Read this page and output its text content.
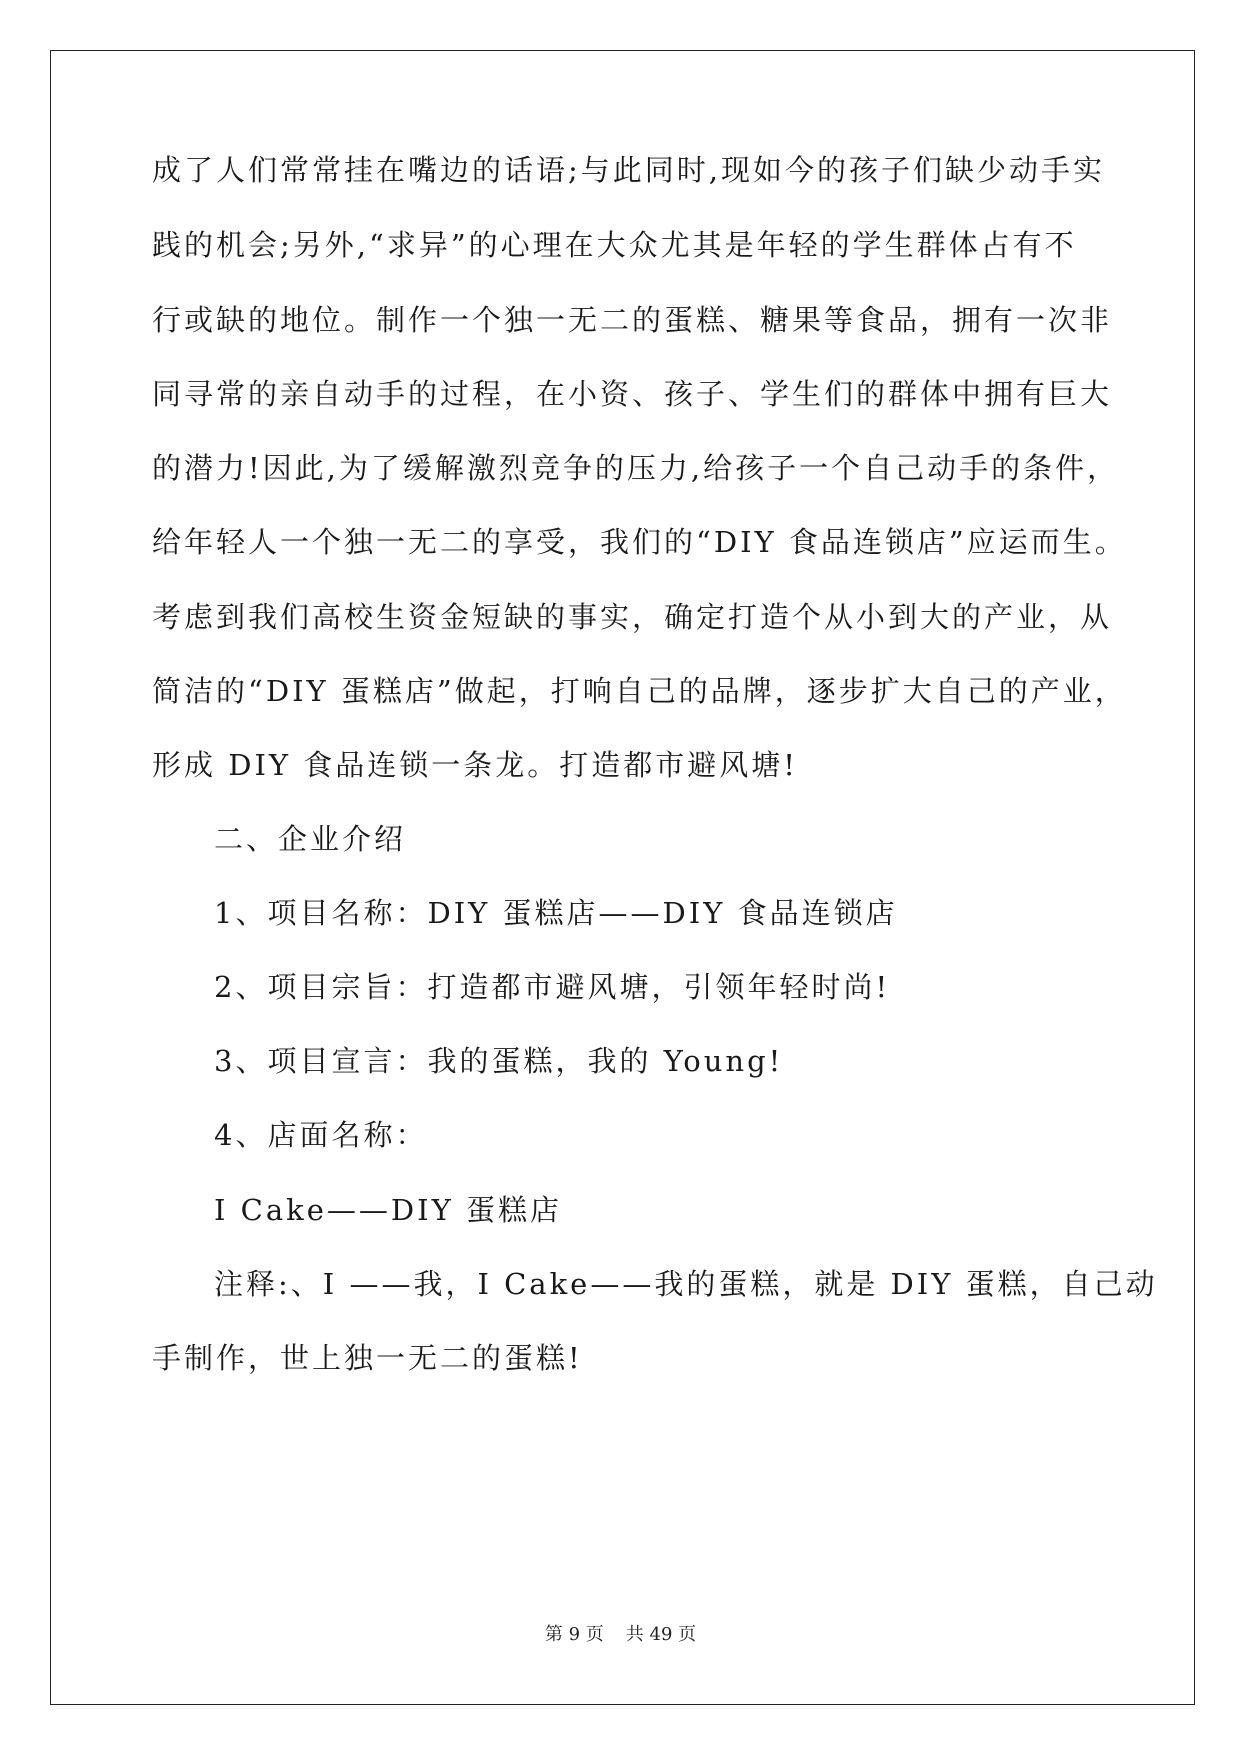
成了人们常常挂在嘴边的话语;与此同时,现如今的孩子们缺少动手实
践的机会;另外,“求异”的心理在大众尤其是年轻的学生群体占有不
行或缺的地位。制作一个独一无二的蛋糕、糖果等食品，拥有一次非
同寻常的亲自动手的过程，在小资、孩子、学生们的群体中拥有巨大
的潜力!因此,为了缓解激烈竞争的压力,给孩子一个自己动手的条件，
给年轻人一个独一无二的享受，我们的“DIY 食品连锁店”应运而生。
考虑到我们高校生资金短缺的事实，确定打造个从小到大的产业，从
简洁的“DIY 蛋糕店”做起，打响自己的品牌，逐步扩大自己的产业，
形成 DIY 食品连锁一条龙。打造都市避风塘!
二、企业介绍
1、项目名称：DIY 蛋糕店——DIY 食品连锁店
2、项目宗旨：打造都市避风塘，引领年轻时尚!
3、项目宣言：我的蛋糕，我的 Young!
4、店面名称：
I Cake——DIY 蛋糕店
注释:、I ——我，I Cake——我的蛋糕，就是 DIY 蛋糕，自己动
手制作，世上独一无二的蛋糕!
第 9 页 共 49 页
